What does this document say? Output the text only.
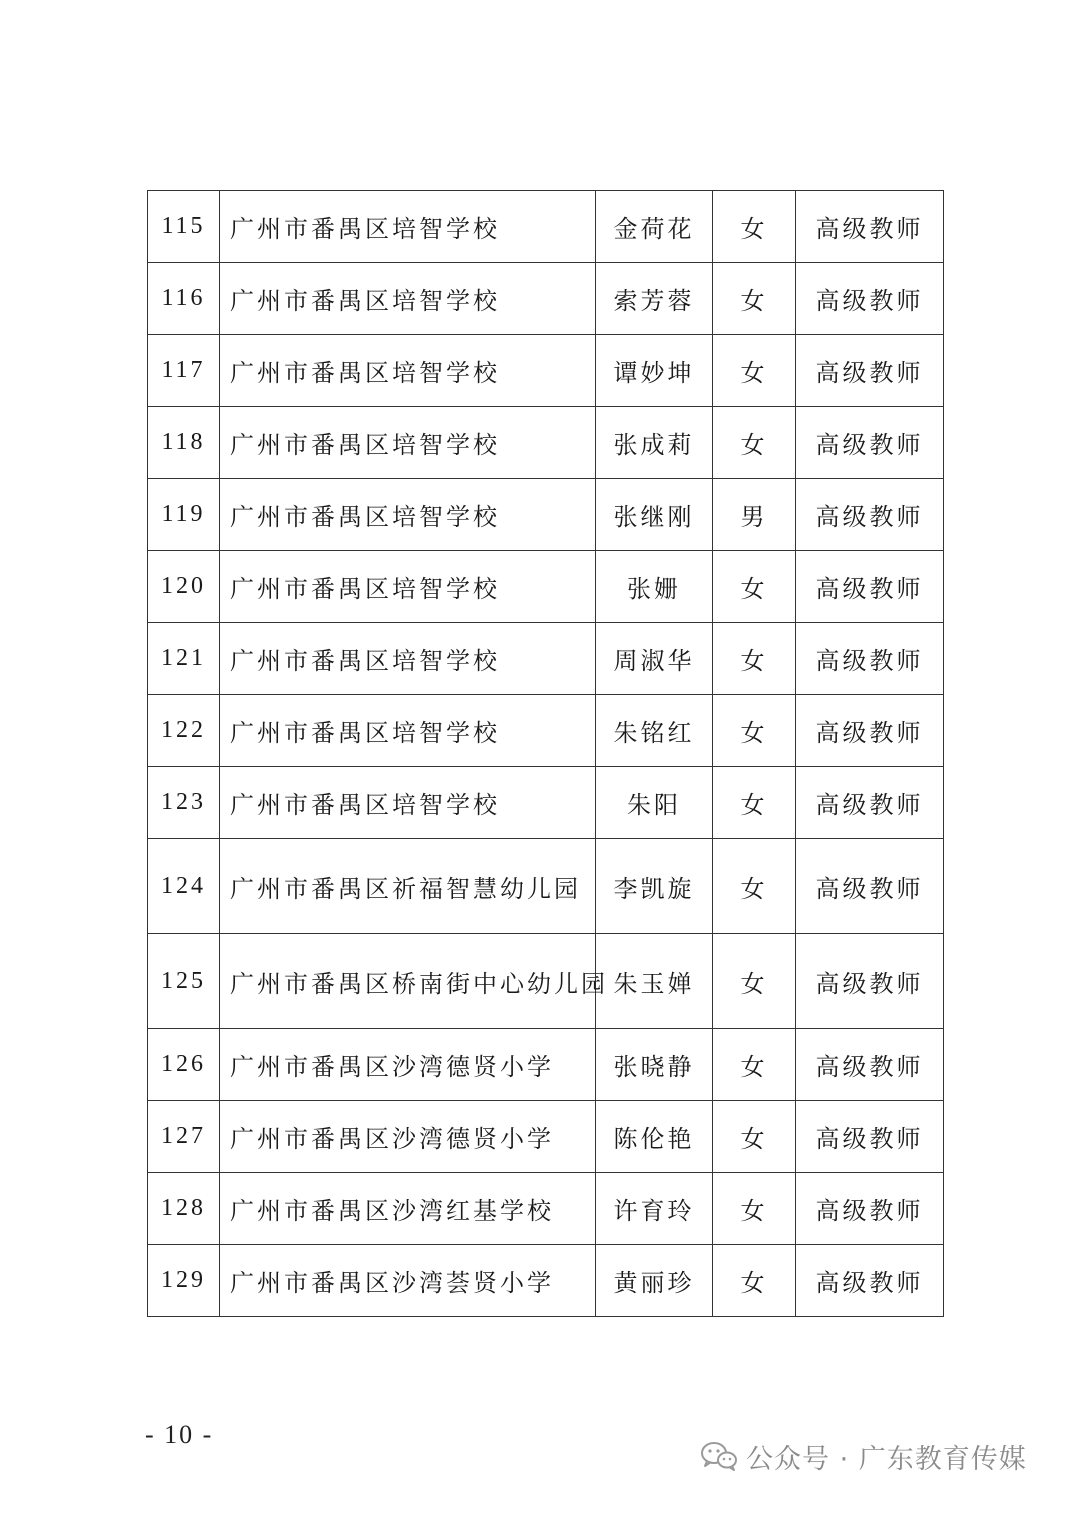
115	广州市番禺区培智学校	金荷花	女	高级教师
116	广州市番禺区培智学校	索芳蓉	女	高级教师
117	广州市番禺区培智学校	谭妙坤	女	高级教师
118	广州市番禺区培智学校	张成莉	女	高级教师
119	广州市番禺区培智学校	张继刚	男	高级教师
120	广州市番禺区培智学校	张姗	女	高级教师
121	广州市番禺区培智学校	周淑华	女	高级教师
122	广州市番禺区培智学校	朱铭红	女	高级教师
123	广州市番禺区培智学校	朱阳	女	高级教师
124	广州市番禺区祈福智慧幼儿园	李凯旋	女	高级教师
125	广州市番禺区桥南街中心幼儿园	朱玉婵	女	高级教师
126	广州市番禺区沙湾德贤小学	张晓静	女	高级教师
127	广州市番禺区沙湾德贤小学	陈伦艳	女	高级教师
128	广州市番禺区沙湾红基学校	许育玲	女	高级教师
129	广州市番禺区沙湾荟贤小学	黄丽珍	女	高级教师
- 10 -
公众号 · 广东教育传媒
